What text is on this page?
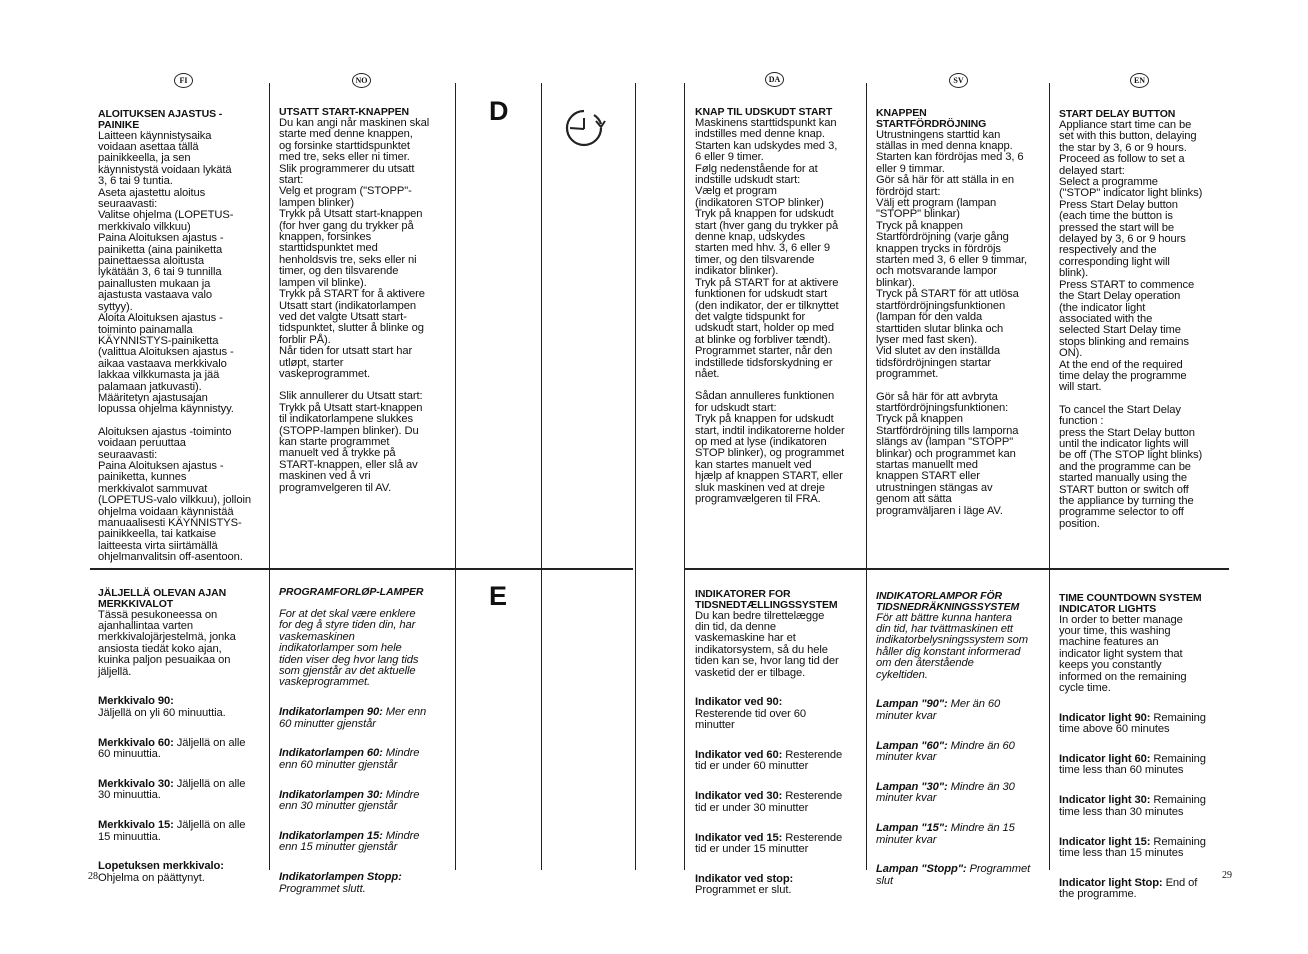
FI	NO	DA	SV	EN
D
E

ALOITUKSEN AJASTUS -
PAINIKE
Laitteen käynnistysaika
voidaan asettaa tällä
painikkeella, ja sen
käynnistystä voidaan lykätä
3, 6 tai 9 tuntia.
Aseta ajastettu aloitus
seuraavasti:
Valitse ohjelma (LOPETUS-
merkkivalo vilkkuu)
Paina Aloituksen ajastus -
painiketta (aina painiketta
painettaessa aloitusta
lykätään 3, 6 tai 9 tunnilla
painallusten mukaan ja
ajastusta vastaava valo
syttyy).
Aloita Aloituksen ajastus -
toiminto painamalla
KÄYNNISTYS-painiketta
(valittua Aloituksen ajastus -
aikaa vastaava merkkivalo
lakkaa vilkkumasta ja jää
palamaan jatkuvasti).
Määritetyn ajastusajan
lopussa ohjelma käynnistyy.
Aloituksen ajastus -toiminto
voidaan peruuttaa
seuraavasti:
Paina Aloituksen ajastus -
painiketta, kunnes
merkkivalot sammuvat
(LOPETUS-valo vilkkuu), jolloin
ohjelma voidaan käynnistää
manuaalisesti KÄYNNISTYS-
painikkeella, tai katkaise
laitteesta virta siirtämällä
ohjelmanvalitsin off-asentoon.

UTSATT START-KNAPPEN
Du kan angi når maskinen skal
starte med denne knappen,
og forsinke starttidspunktet
med tre, seks eller ni timer.
Slik programmerer du utsatt
start:
Velg et program ("STOPP"-
lampen blinker)
Trykk på Utsatt start-knappen
(for hver gang du trykker på
knappen, forsinkes
starttidspunktet med
henholdsvis tre, seks eller ni
timer, og den tilsvarende
lampen vil blinke).
Trykk på START for å aktivere
Utsatt start (indikatorlampen
ved det valgte Utsatt start-
tidspunktet, slutter å blinke og
forblir PÅ).
Når tiden for utsatt start har
utløpt, starter
vaskeprogrammet.
Slik annullerer du Utsatt start:
Trykk på Utsatt start-knappen
til indikatorlampene slukkes
(STOPP-lampen blinker). Du
kan starte programmet
manuelt ved å trykke på
START-knappen, eller slå av
maskinen ved å vri
programvelgeren til AV.

KNAP TIL UDSKUDT START
Maskinens starttidspunkt kan
indstilles med denne knap.
Starten kan udskydes med 3,
6 eller 9 timer.
Følg nedenstående for at
indstille udskudt start:
Vælg et program
(indikatoren STOP blinker)
Tryk på knappen for udskudt
start (hver gang du trykker på
denne knap, udskydes
starten med hhv. 3, 6 eller 9
timer, og den tilsvarende
indikator blinker).
Tryk på START for at aktivere
funktionen for udskudt start
(den indikator, der er tilknyttet
det valgte tidspunkt for
udskudt start, holder op med
at blinke og forbliver tændt).
Programmet starter, når den
indstillede tidsforskydning er
nået.
Sådan annulleres funktionen
for udskudt start:
Tryk på knappen for udskudt
start, indtil indikatorerne holder
op med at lyse (indikatoren
STOP blinker), og programmet
kan startes manuelt ved
hjælp af knappen START, eller
sluk maskinen ved at dreje
programvælgeren til FRA.

KNAPPEN
STARTFÖRDRÖJNING
Utrustningens starttid kan
ställas in med denna knapp.
Starten kan fördröjas med 3, 6
eller 9 timmar.
Gör så här för att ställa in en
fördröjd start:
Välj ett program (lampan
"STOPP" blinkar)
Tryck på knappen
Startfördröjning (varje gång
knappen trycks in fördröjs
starten med 3, 6 eller 9 timmar,
och motsvarande lampor
blinkar).
Tryck på START för att utlösa
startfördröjningsfunktionen
(lampan för den valda
starttiden slutar blinka och
lyser med fast sken).
Vid slutet av den inställda
tidsfördröjningen startar
programmet.
Gör så här för att avbryta
startfördröjningsfunktionen:
Tryck på knappen
Startfördröjning tills lamporna
slängs av (lampan "STOPP"
blinkar) och programmet kan
startas manuellt med
knappen START eller
utrustningen stängas av
genom att sätta
programväljaren i läge AV.

START DELAY BUTTON
Appliance start time can be
set with this button, delaying
the star by 3, 6 or 9 hours.
Proceed as follow to set a
delayed start:
Select a programme
("STOP" indicator light blinks)
Press Start Delay button
(each time the button is
pressed the start will be
delayed by 3, 6 or 9 hours
respectively and the
corresponding light will
blink).
Press START to commence
the Start Delay operation
(the indicator light
associated with the
selected Start Delay time
stops blinking and remains
ON).
At the end of the required
time delay the programme
will start.
To cancel the Start Delay
function :
press the Start Delay button
until the indicator lights will
be off (The STOP light blinks)
and the programme can be
started manually using the
START button or switch off
the appliance by turning the
programme selector to off
position.

JÄLJELLÄ OLEVAN AJAN
MERKKIVALOT
Tässä pesukoneessa on
ajanhallintaa varten
merkkivalojärjestelmä, jonka
ansiosta tiedät koko ajan,
kuinka paljon pesuaikaa on
jäljellä.

Merkkivalo 90:
Jäljellä on yli 60 minuuttia.

Merkkivalo 60: Jäljellä on alle
60 minuuttia.

Merkkivalo 30: Jäljellä on alle
30 minuuttia.

Merkkivalo 15: Jäljellä on alle
15 minuuttia.

Lopetuksen merkkivalo:
Ohjelma on päättynyt.

PROGRAMFORLØP-LAMPER
For at det skal være enklere
for deg å styre tiden din, har
vaskemaskinen
indikatorlamper som hele
tiden viser deg hvor lang tids
som gjenstår av det aktuelle
vaskeprogrammet.

Indikatorlampen 90: Mer enn
60 minutter gjenstår

Indikatorlampen 60: Mindre
enn 60 minutter gjenstår

Indikatorlampen 30: Mindre
enn 30 minutter gjenstår

Indikatorlampen 15: Mindre
enn 15 minutter gjenstår

Indikatorlampen Stopp:
Programmet slutt.

INDIKATORER FOR
TIDSNEDTÆLLINGSSYSTEM
Du kan bedre tilrettelægge
din tid, da denne
vaskemaskine har et
indikatorsystem, så du hele
tiden kan se, hvor lang tid der
vasketid der er tilbage.

Indikator ved 90:
Resterende tid over 60
minutter

Indikator ved 60: Resterende
tid er under 60 minutter

Indikator ved 30: Resterende
tid er under 30 minutter

Indikator ved 15: Resterende
tid er under 15 minutter

Indikator ved stop:
Programmet er slut.

INDIKATORLAMPOR FÖR
TIDSNEDRÄKNINGSSYSTEM
För att bättre kunna hantera
din tid, har tvättmaskinen ett
indikatorbelysningssystem som
håller dig konstant informerad
om den återstående
cykeltiden.

Lampan "90": Mer än 60
minuter kvar

Lampan "60": Mindre än 60
minuter kvar

Lampan "30": Mindre än 30
minuter kvar

Lampan "15": Mindre än 15
minuter kvar

Lampan "Stopp": Programmet
slut

TIME COUNTDOWN SYSTEM
INDICATOR LIGHTS
In order to better manage
your time, this washing
machine features an
indicator light system that
keeps you constantly
informed on the remaining
cycle time.

Indicator light 90: Remaining
time above 60 minutes

Indicator light 60: Remaining
time less than 60 minutes

Indicator light 30: Remaining
time less than 30 minutes

Indicator light 15: Remaining
time less than 15 minutes

Indicator light Stop: End of
the programme.

28	29
